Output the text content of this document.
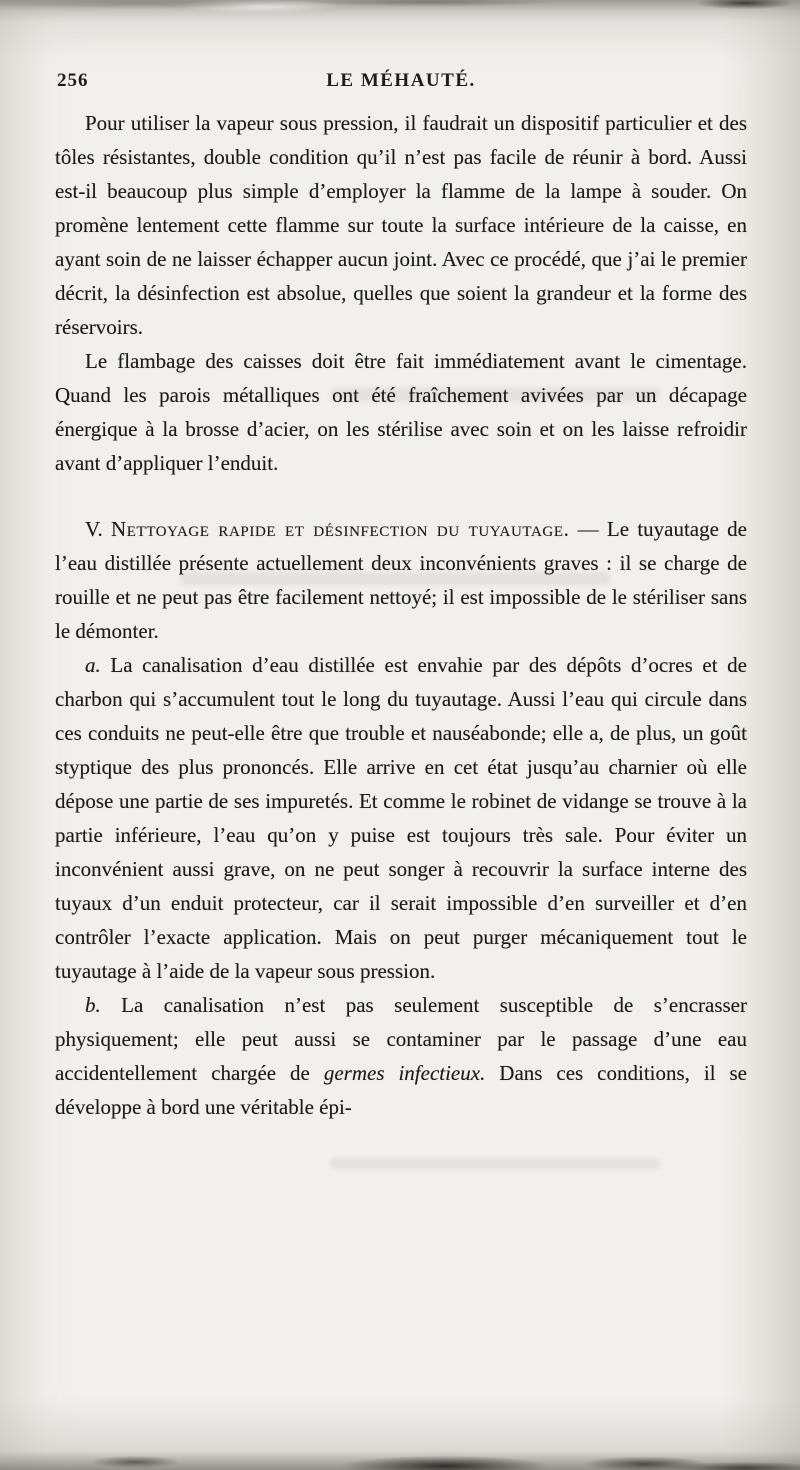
256	LE MÉHAUTÉ.

Pour utiliser la vapeur sous pression, il faudrait un dispositif particulier et des tôles résistantes, double condition qu’il n’est pas facile de réunir à bord. Aussi est-il beaucoup plus simple d’employer la flamme de la lampe à souder. On promène lentement cette flamme sur toute la surface intérieure de la caisse, en ayant soin de ne laisser échapper aucun joint. Avec ce procédé, que j’ai le premier décrit, la désinfection est absolue, quelles que soient la grandeur et la forme des réservoirs.

Le flambage des caisses doit être fait immédiatement avant le cimentage. Quand les parois métalliques ont été fraîchement avivées par un décapage énergique à la brosse d’acier, on les stérilise avec soin et on les laisse refroidir avant d’appliquer l’enduit.

V. Nettoyage rapide et désinfection du tuyautage. — Le tuyautage de l’eau distillée présente actuellement deux inconvénients graves : il se charge de rouille et ne peut pas être facilement nettoyé; il est impossible de le stériliser sans le démonter.

a. La canalisation d’eau distillée est envahie par des dépôts d’ocres et de charbon qui s’accumulent tout le long du tuyautage. Aussi l’eau qui circule dans ces conduits ne peut-elle être que trouble et nauséabonde; elle a, de plus, un goût styptique des plus prononcés. Elle arrive en cet état jusqu’au charnier où elle dépose une partie de ses impuretés. Et comme le robinet de vidange se trouve à la partie inférieure, l’eau qu’on y puise est toujours très sale. Pour éviter un inconvénient aussi grave, on ne peut songer à recouvrir la surface interne des tuyaux d’un enduit protecteur, car il serait impossible d’en surveiller et d’en contrôler l’exacte application. Mais on peut purger mécaniquement tout le tuyautage à l’aide de la vapeur sous pression.

b. La canalisation n’est pas seulement susceptible de s’encrasser physiquement; elle peut aussi se contaminer par le passage d’une eau accidentellement chargée de germes infectieux. Dans ces conditions, il se développe à bord une véritable épi-
